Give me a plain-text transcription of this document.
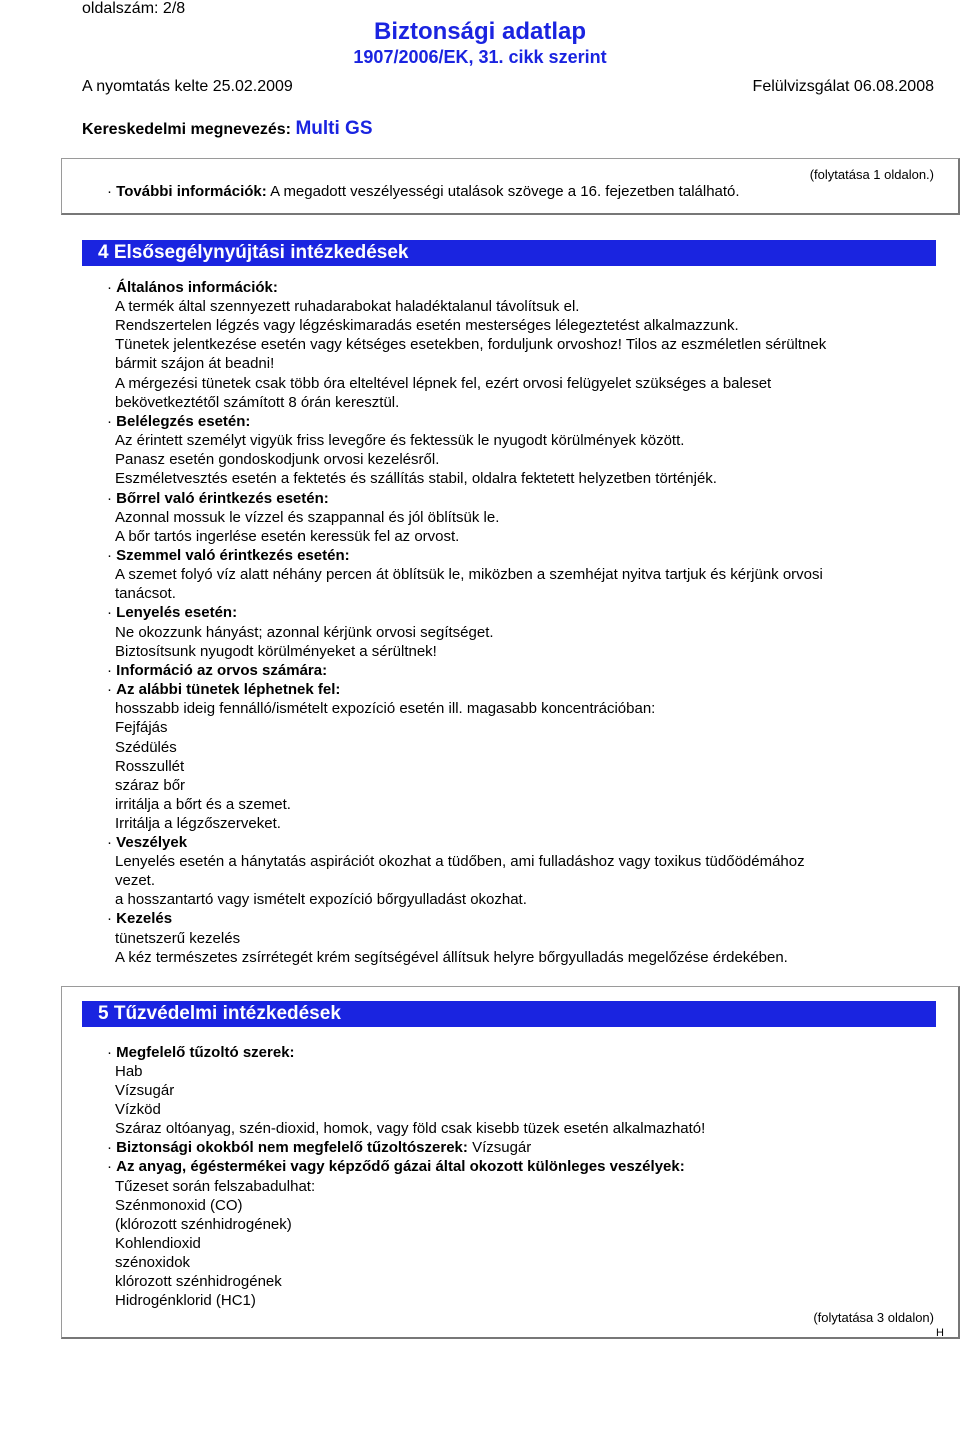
oldalszám: 2/8
Biztonsági adatlap
1907/2006/EK, 31. cikk szerint
A nyomtatás kelte 25.02.2009	Felülvizsgálat 06.08.2008
Kereskedelmi megnevezés: Multi GS
(folytatása 1 oldalon.)
· További információk: A megadott veszélyességi utalások szövege a 16. fejezetben található.
4 Elsősegélynyújtási intézkedések
· Általános információk:
A termék által szennyezett ruhadarabokat haladéktalanul távolítsuk el.
Rendszertelen légzés vagy légzéskimaradás esetén mesterséges lélegeztetést alkalmazzunk.
Tünetek jelentkezése esetén vagy kétséges esetekben, forduljunk orvoshoz! Tilos az eszméletlen sérültnek
bármit szájon át beadni!
A mérgezési tünetek csak több óra elteltével lépnek fel, ezért orvosi felügyelet szükséges a baleset
bekövetkeztétől számított 8 órán keresztül.
· Belélegzés esetén:
Az érintett személyt vigyük friss levegőre és fektessük le nyugodt körülmények között.
Panasz esetén gondoskodjunk orvosi kezelésről.
Eszméletvesztés esetén a fektetés és szállítás stabil, oldalra fektetett helyzetben történjék.
· Bőrrel való érintkezés esetén:
Azonnal mossuk le vízzel és szappannal és jól öblítsük le.
A bőr tartós ingerlése esetén keressük fel az orvost.
· Szemmel való érintkezés esetén:
A szemet folyó víz alatt néhány percen át öblítsük le, miközben a szemhéjat nyitva tartjuk és kérjünk orvosi
tanácsot.
· Lenyelés esetén:
Ne okozzunk hányást; azonnal kérjünk orvosi segítséget.
Biztosítsunk nyugodt körülményeket a sérültnek!
· Információ az orvos számára:
· Az alábbi tünetek léphetnek fel:
hosszabb ideig fennálló/ismételt expozíció esetén ill. magasabb koncentrációban:
Fejfájás
Szédülés
Rosszullét
száraz bőr
irritálja a bőrt és a szemet.
Irritálja a légzőszerveket.
· Veszélyek
Lenyelés esetén a hánytatás aspirációt okozhat a tüdőben, ami fulladáshoz vagy toxikus tüdőödémához
vezet.
a hosszantartó vagy ismételt expozíció bőrgyulladást okozhat.
· Kezelés
tünetszerű kezelés
A kéz természetes zsírrétegét krém segítségével állítsuk helyre bőrgyulladás megelőzése érdekében.
5 Tűzvédelmi intézkedések
· Megfelelő tűzoltó szerek:
Hab
Vízsugár
Vízköd
Száraz oltóanyag, szén-dioxid, homok, vagy föld csak kisebb tüzek esetén alkalmazható!
· Biztonsági okokból nem megfelelő tűzoltószerek: Vízsugár
· Az anyag, égéstermékei vagy képződő gázai által okozott különleges veszélyek:
Tűzeset során felszabadulhat:
Szénmonoxid (CO)
(klórozott szénhidrogének)
Kohlendioxid
szénoxidok
klórozott szénhidrogének
Hidrogénklorid (HC1)
(folytatása 3 oldalon)
H
